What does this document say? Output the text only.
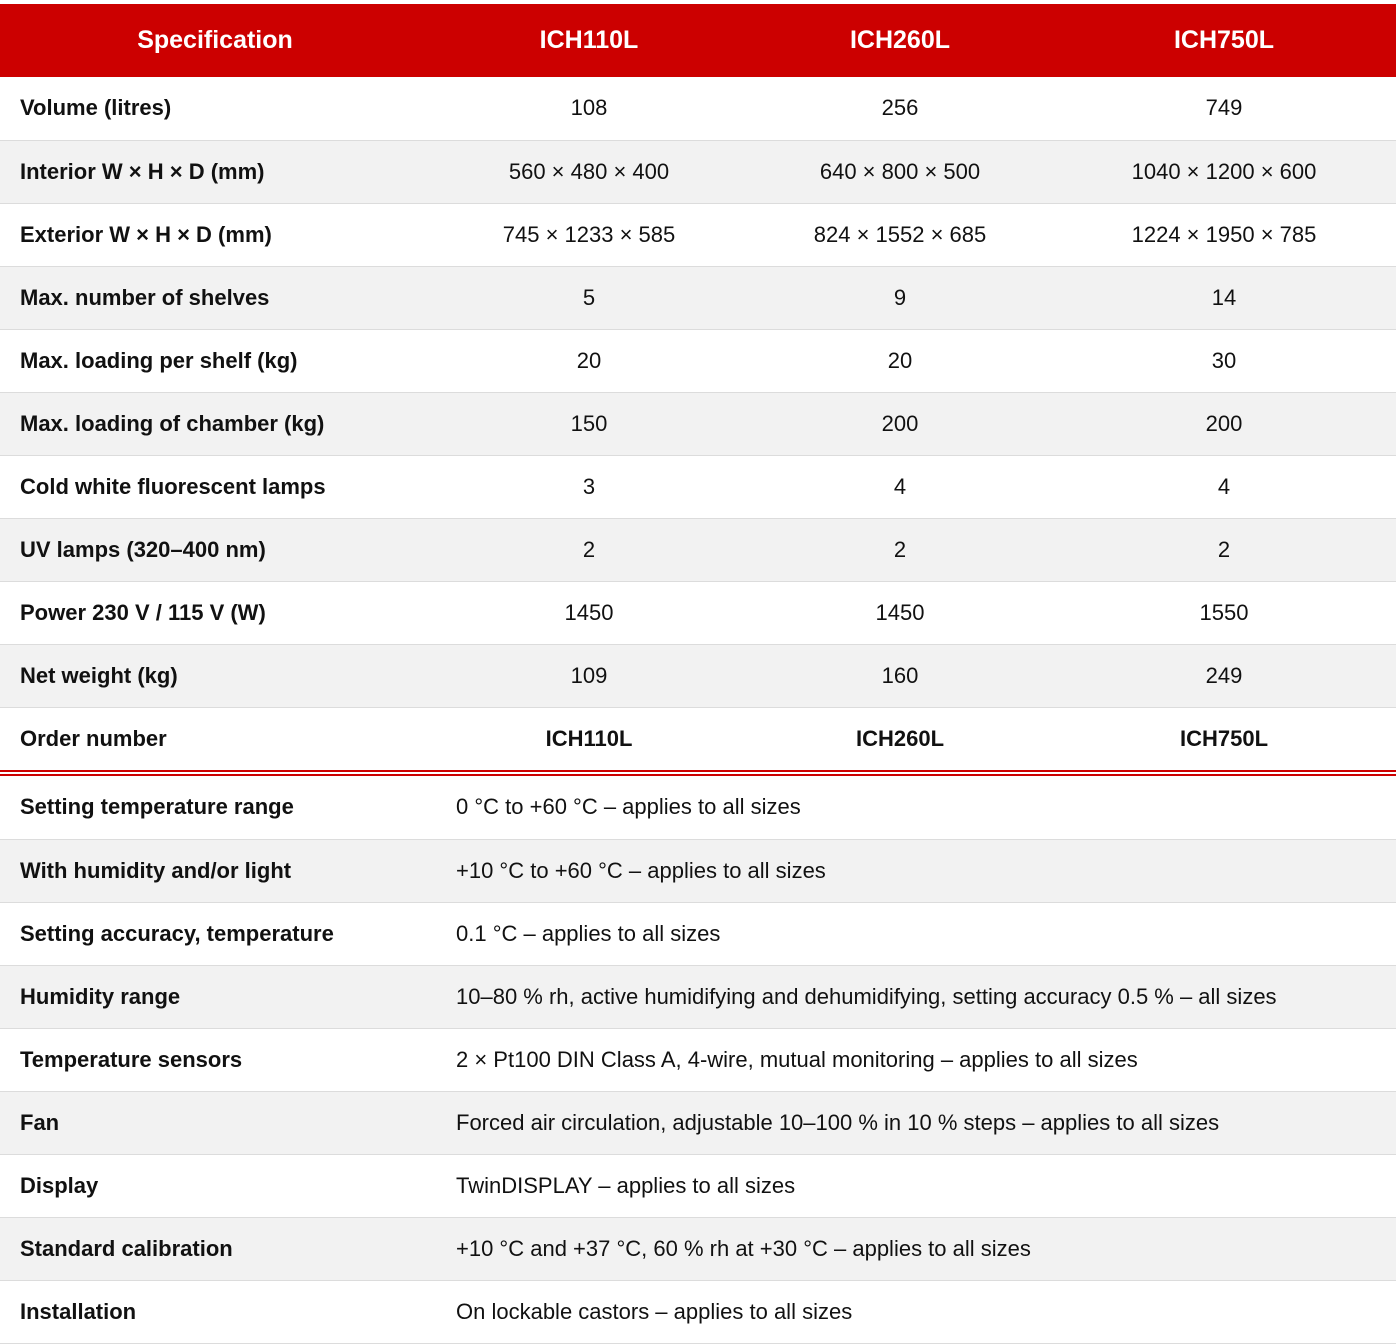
Specification	ICH110L	ICH260L	ICH750L
Volume (litres)	108	256	749
Interior W × H × D (mm)	560 × 480 × 400	640 × 800 × 500	1040 × 1200 × 600
Exterior W × H × D (mm)	745 × 1233 × 585	824 × 1552 × 685	1224 × 1950 × 785
Max. number of shelves	5	9	14
Max. loading per shelf (kg)	20	20	30
Max. loading of chamber (kg)	150	200	200
Cold white fluorescent lamps	3	4	4
UV lamps (320–400 nm)	2	2	2
Power 230 V / 115 V (W)	1450	1450	1550
Net weight (kg)	109	160	249
Order number	ICH110L	ICH260L	ICH750L
Setting temperature range	0 °C to +60 °C – applies to all sizes
With humidity and/or light	+10 °C to +60 °C – applies to all sizes
Setting accuracy, temperature	0.1 °C – applies to all sizes
Humidity range	10–80 % rh, active humidifying and dehumidifying, setting accuracy 0.5 % – all sizes
Temperature sensors	2 × Pt100 DIN Class A, 4-wire, mutual monitoring – applies to all sizes
Fan	Forced air circulation, adjustable 10–100 % in 10 % steps – applies to all sizes
Display	TwinDISPLAY – applies to all sizes
Standard calibration	+10 °C and +37 °C, 60 % rh at +30 °C – applies to all sizes
Installation	On lockable castors – applies to all sizes
